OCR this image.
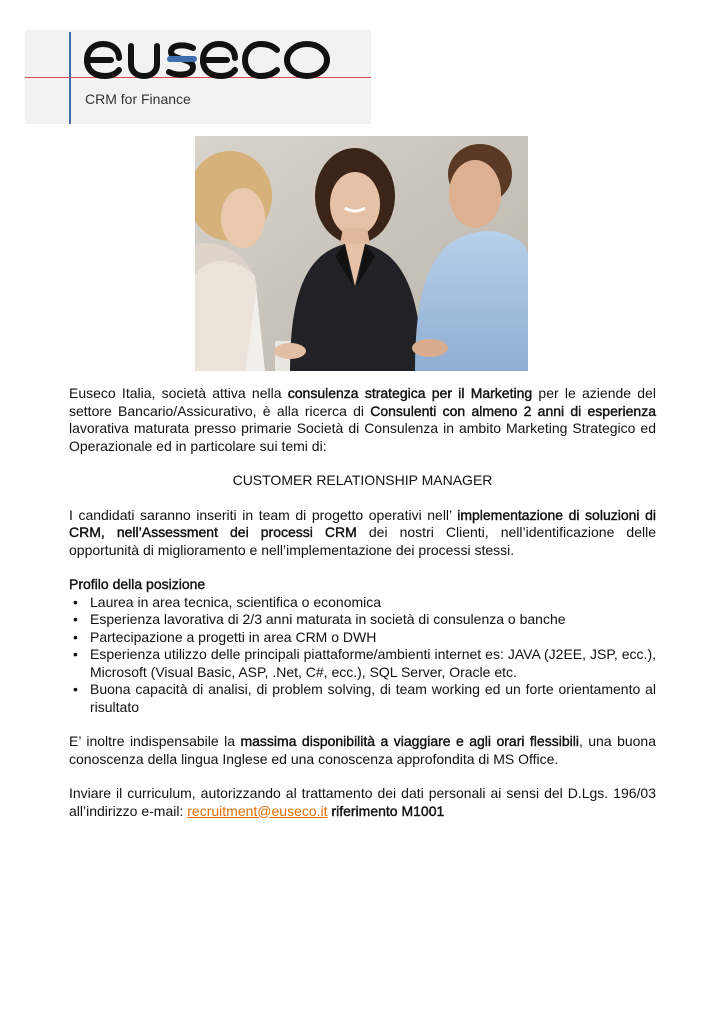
CRM for Finance

Euseco Italia, società attiva nella consulenza strategica per il Marketing per le aziende del settore Bancario/Assicurativo, è alla ricerca di Consulenti con almeno 2 anni di esperienza lavorativa maturata presso primarie Società di Consulenza in ambito Marketing Strategico ed Operazionale ed in particolare sui temi di:

CUSTOMER RELATIONSHIP MANAGER

I candidati saranno inseriti in team di progetto operativi nell’ implementazione di soluzioni di CRM, nell’Assessment dei processi CRM dei nostri Clienti, nell’identificazione delle opportunità di miglioramento e nell’implementazione dei processi stessi.

Profilo della posizione

• Laurea in area tecnica, scientifica o economica
• Esperienza lavorativa di 2/3 anni maturata in società di consulenza o banche
• Partecipazione a progetti in area CRM o DWH
• Esperienza utilizzo delle principali piattaforme/ambienti internet es: JAVA (J2EE, JSP, ecc.), Microsoft (Visual Basic, ASP, .Net, C#, ecc.), SQL Server, Oracle etc.
• Buona capacità di analisi, di problem solving, di team working ed un forte orientamento al risultato

E’ inoltre indispensabile la massima disponibilità a viaggiare e agli orari flessibili, una buona conoscenza della lingua Inglese ed una conoscenza approfondita di MS Office.

Inviare il curriculum, autorizzando al trattamento dei dati personali ai sensi del D.Lgs. 196/03 all’indirizzo e-mail: recruitment@euseco.it riferimento M1001
